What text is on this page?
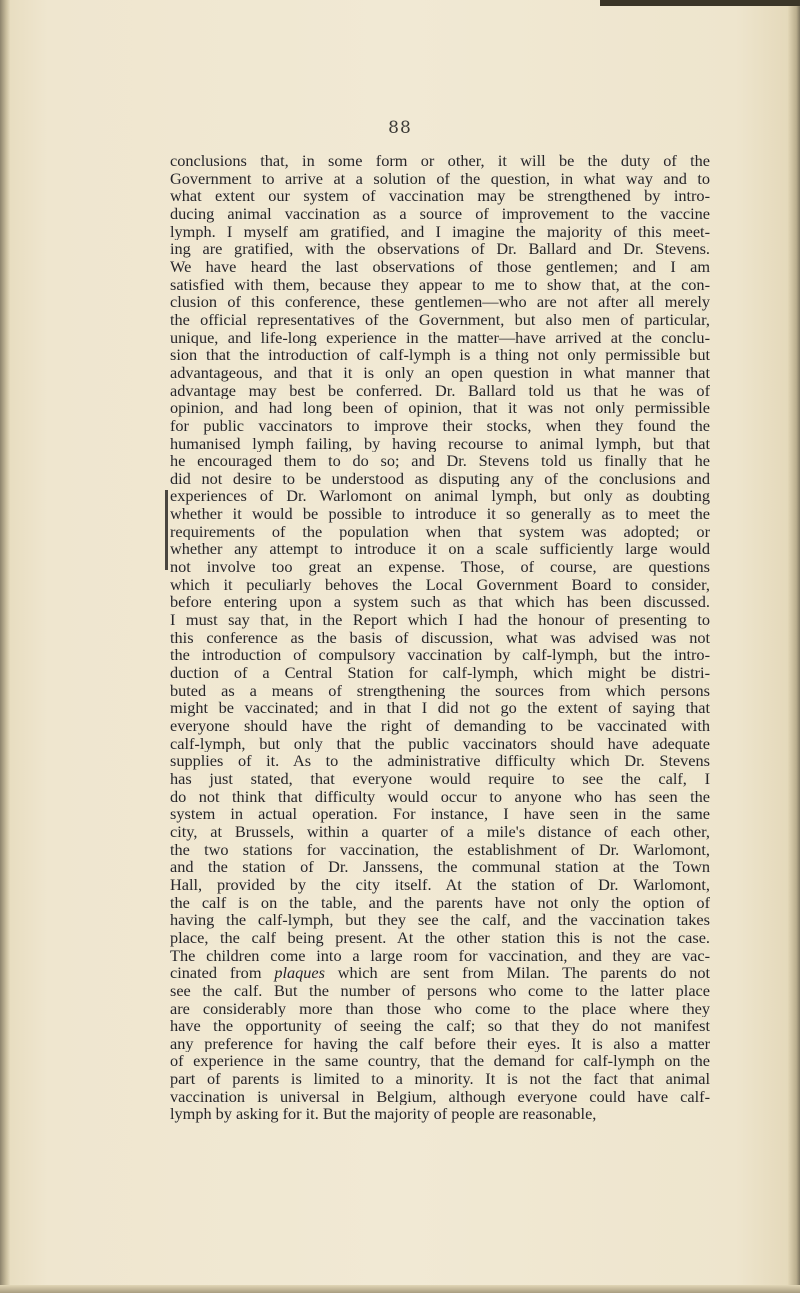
88
conclusions that, in some form or other, it will be the duty of the
Government to arrive at a solution of the question, in what way and to
what extent our system of vaccination may be strengthened by intro-
ducing animal vaccination as a source of improvement to the vaccine
lymph. I myself am gratified, and I imagine the majority of this meet-
ing are gratified, with the observations of Dr. Ballard and Dr. Stevens.
We have heard the last observations of those gentlemen; and I am
satisfied with them, because they appear to me to show that, at the con-
clusion of this conference, these gentlemen—who are not after all merely
the official representatives of the Government, but also men of particular,
unique, and life-long experience in the matter—have arrived at the conclu-
sion that the introduction of calf-lymph is a thing not only permissible but
advantageous, and that it is only an open question in what manner that
advantage may best be conferred. Dr. Ballard told us that he was of
opinion, and had long been of opinion, that it was not only permissible
for public vaccinators to improve their stocks, when they found the
humanised lymph failing, by having recourse to animal lymph, but that
he encouraged them to do so; and Dr. Stevens told us finally that he
did not desire to be understood as disputing any of the conclusions and
experiences of Dr. Warlomont on animal lymph, but only as doubting
whether it would be possible to introduce it so generally as to meet the
requirements of the population when that system was adopted; or
whether any attempt to introduce it on a scale sufficiently large would
not involve too great an expense. Those, of course, are questions
which it peculiarly behoves the Local Government Board to consider,
before entering upon a system such as that which has been discussed.
I must say that, in the Report which I had the honour of presenting to
this conference as the basis of discussion, what was advised was not
the introduction of compulsory vaccination by calf-lymph, but the intro-
duction of a Central Station for calf-lymph, which might be distri-
buted as a means of strengthening the sources from which persons
might be vaccinated; and in that I did not go the extent of saying that
everyone should have the right of demanding to be vaccinated with
calf-lymph, but only that the public vaccinators should have adequate
supplies of it. As to the administrative difficulty which Dr. Stevens
has just stated, that everyone would require to see the calf, I
do not think that difficulty would occur to anyone who has seen the
system in actual operation. For instance, I have seen in the same
city, at Brussels, within a quarter of a mile's distance of each other,
the two stations for vaccination, the establishment of Dr. Warlomont,
and the station of Dr. Janssens, the communal station at the Town
Hall, provided by the city itself. At the station of Dr. Warlomont,
the calf is on the table, and the parents have not only the option of
having the calf-lymph, but they see the calf, and the vaccination takes
place, the calf being present. At the other station this is not the case.
The children come into a large room for vaccination, and they are vac-
cinated from plaques which are sent from Milan. The parents do not
see the calf. But the number of persons who come to the latter place
are considerably more than those who come to the place where they
have the opportunity of seeing the calf; so that they do not manifest
any preference for having the calf before their eyes. It is also a matter
of experience in the same country, that the demand for calf-lymph on the
part of parents is limited to a minority. It is not the fact that animal
vaccination is universal in Belgium, although everyone could have calf-
lymph by asking for it. But the majority of people are reasonable,
